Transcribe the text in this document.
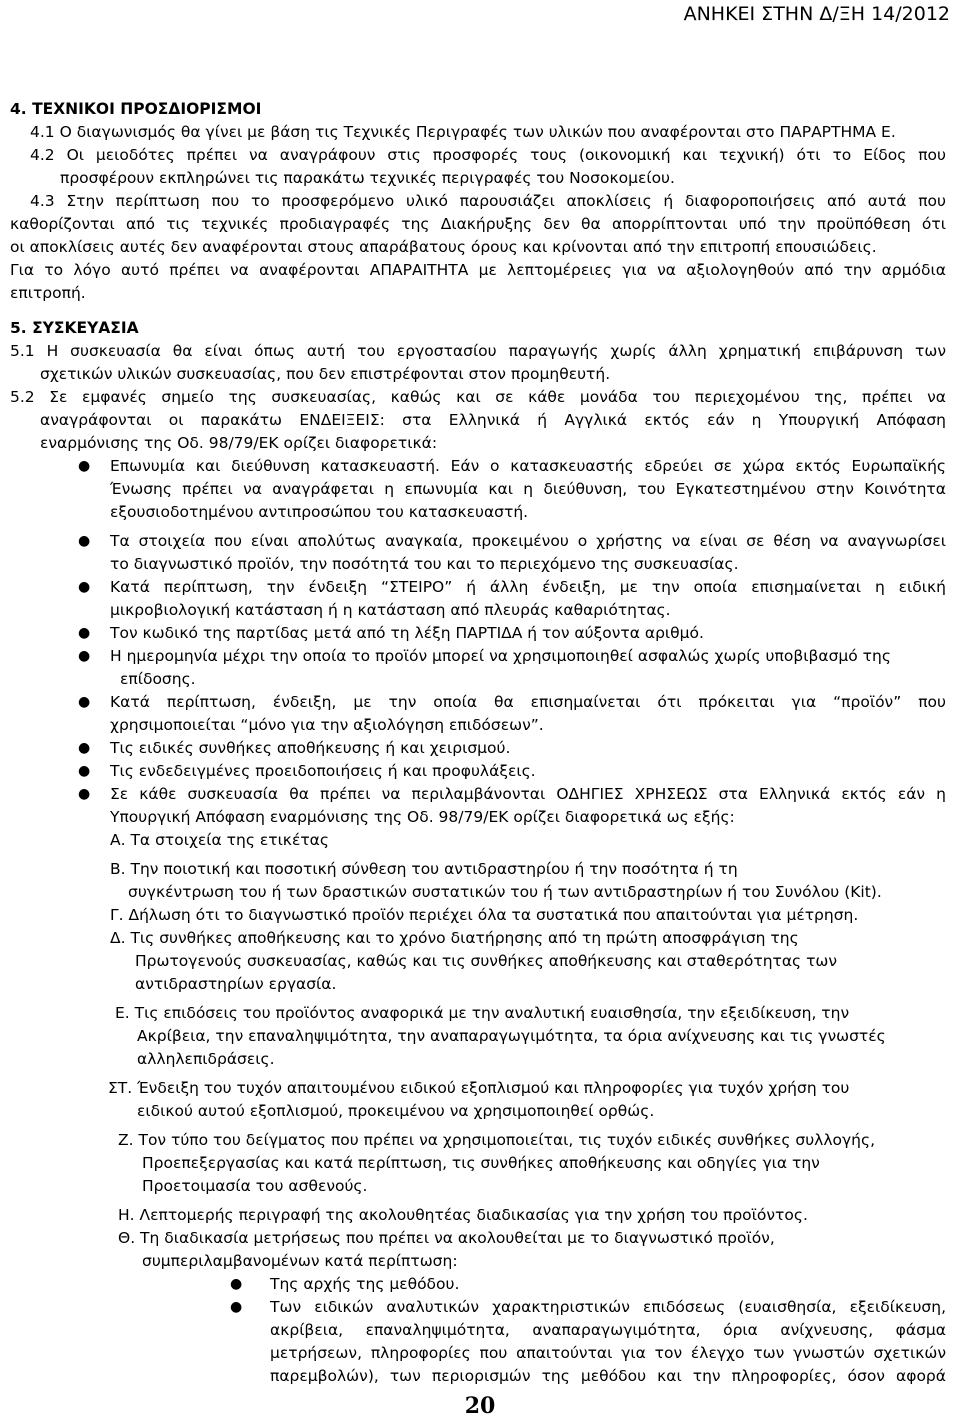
ΑΝΗΚΕΙ ΣΤΗΝ Δ/ΞΗ 14/2012
4. ΤΕΧΝΙΚΟΙ ΠΡΟΣΔΙΟΡΙΣΜΟΙ
4.1 Ο διαγωνισμός θα γίνει με βάση τις Τεχνικές Περιγραφές των υλικών που αναφέρονται στο ΠΑΡΑΡΤΗΜΑ Ε.
4.2 Οι μειοδότες πρέπει να αναγράφουν στις προσφορές τους (οικονομική και τεχνική) ότι το Είδος που
προσφέρουν εκπληρώνει τις παρακάτω τεχνικές περιγραφές του Νοσοκομείου.
4.3 Στην περίπτωση που το προσφερόμενο υλικό παρουσιάζει αποκλίσεις ή διαφοροποιήσεις από αυτά που
καθορίζονται από τις τεχνικές προδιαγραφές της Διακήρυξης δεν θα απορρίπτονται υπό την προϋπόθεση ότι
οι αποκλίσεις αυτές δεν αναφέρονται στους απαράβατους όρους και κρίνονται από την επιτροπή επουσιώδεις.
Για το λόγο αυτό πρέπει να αναφέρονται ΑΠΑΡΑΙΤΗΤΑ με λεπτομέρειες για να αξιολογηθούν από την αρμόδια
επιτροπή.
5. ΣΥΣΚΕΥΑΣΙΑ
5.1 Η συσκευασία θα είναι όπως αυτή του εργοστασίου παραγωγής χωρίς άλλη χρηματική επιβάρυνση των
σχετικών υλικών συσκευασίας, που δεν επιστρέφονται στον προμηθευτή.
5.2 Σε εμφανές σημείο της συσκευασίας, καθώς και σε κάθε μονάδα του περιεχομένου της, πρέπει να
αναγράφονται οι παρακάτω ΕΝΔΕΙΞΕΙΣ: στα Ελληνικά ή Αγγλικά εκτός εάν η Υπουργική Απόφαση
εναρμόνισης της Οδ. 98/79/ΕΚ ορίζει διαφορετικά:
● Επωνυμία και διεύθυνση κατασκευαστή. Εάν ο κατασκευαστής εδρεύει σε χώρα εκτός Ευρωπαϊκής
Ένωσης πρέπει να αναγράφεται η επωνυμία και η διεύθυνση, του Εγκατεστημένου στην Κοινότητα
εξουσιοδοτημένου αντιπροσώπου του κατασκευαστή.
● Τα στοιχεία που είναι απολύτως αναγκαία, προκειμένου ο χρήστης να είναι σε θέση να αναγνωρίσει
το διαγνωστικό προϊόν, την ποσότητά του και το περιεχόμενο της συσκευασίας.
● Κατά περίπτωση, την ένδειξη “ΣΤΕΙΡΟ” ή άλλη ένδειξη, με την οποία επισημαίνεται η ειδική
μικροβιολογική κατάσταση ή η κατάσταση από πλευράς καθαριότητας.
● Τον κωδικό της παρτίδας μετά από τη λέξη ΠΑΡΤΙΔΑ ή τον αύξοντα αριθμό.
● Η ημερομηνία μέχρι την οποία το προϊόν μπορεί να χρησιμοποιηθεί ασφαλώς χωρίς υποβιβασμό της
επίδοσης.
● Κατά περίπτωση, ένδειξη, με την οποία θα επισημαίνεται ότι πρόκειται για “προϊόν” που
χρησιμοποιείται “μόνο για την αξιολόγηση επιδόσεων”.
● Τις ειδικές συνθήκες αποθήκευσης ή και χειρισμού.
● Τις ενδεδειγμένες προειδοποιήσεις ή και προφυλάξεις.
● Σε κάθε συσκευασία θα πρέπει να περιλαμβάνονται ΟΔΗΓΙΕΣ ΧΡΗΣΕΩΣ στα Ελληνικά εκτός εάν η
Υπουργική Απόφαση εναρμόνισης της Οδ. 98/79/ΕΚ ορίζει διαφορετικά ως εξής:
Α. Τα στοιχεία της ετικέτας
Β. Την ποιοτική και ποσοτική σύνθεση του αντιδραστηρίου ή την ποσότητα ή τη
συγκέντρωση του ή των δραστικών συστατικών του ή των αντιδραστηρίων ή του Συνόλου (Kit).
Γ. Δήλωση ότι το διαγνωστικό προϊόν περιέχει όλα τα συστατικά που απαιτούνται για μέτρηση.
Δ. Τις συνθήκες αποθήκευσης και το χρόνο διατήρησης από τη πρώτη αποσφράγιση της
Πρωτογενούς συσκευασίας, καθώς και τις συνθήκες αποθήκευσης και σταθερότητας των
αντιδραστηρίων εργασία.
Ε. Τις επιδόσεις του προϊόντος αναφορικά με την αναλυτική ευαισθησία, την εξειδίκευση, την
Ακρίβεια, την επαναληψιμότητα, την αναπαραγωγιμότητα, τα όρια ανίχνευσης και τις γνωστές
αλληλεπιδράσεις.
ΣΤ. Ένδειξη του τυχόν απαιτουμένου ειδικού εξοπλισμού και πληροφορίες για τυχόν χρήση του
ειδικού αυτού εξοπλισμού, προκειμένου να χρησιμοποιηθεί ορθώς.
Ζ. Τον τύπο του δείγματος που πρέπει να χρησιμοποιείται, τις τυχόν ειδικές συνθήκες συλλογής,
Προεπεξεργασίας και κατά περίπτωση, τις συνθήκες αποθήκευσης και οδηγίες για την
Προετοιμασία του ασθενούς.
Η. Λεπτομερής περιγραφή της ακολουθητέας διαδικασίας για την χρήση του προϊόντος.
Θ. Τη διαδικασία μετρήσεως που πρέπει να ακολουθείται με το διαγνωστικό προϊόν,
συμπεριλαμβανομένων κατά περίπτωση:
● Της αρχής της μεθόδου.
● Των ειδικών αναλυτικών χαρακτηριστικών επιδόσεως (ευαισθησία, εξειδίκευση,
ακρίβεια, επαναληψιμότητα, αναπαραγωγιμότητα, όρια ανίχνευσης, φάσμα
μετρήσεων, πληροφορίες που απαιτούνται για τον έλεγχο των γνωστών σχετικών
παρεμβολών), των περιορισμών της μεθόδου και την πληροφορίες, όσον αφορά
20
